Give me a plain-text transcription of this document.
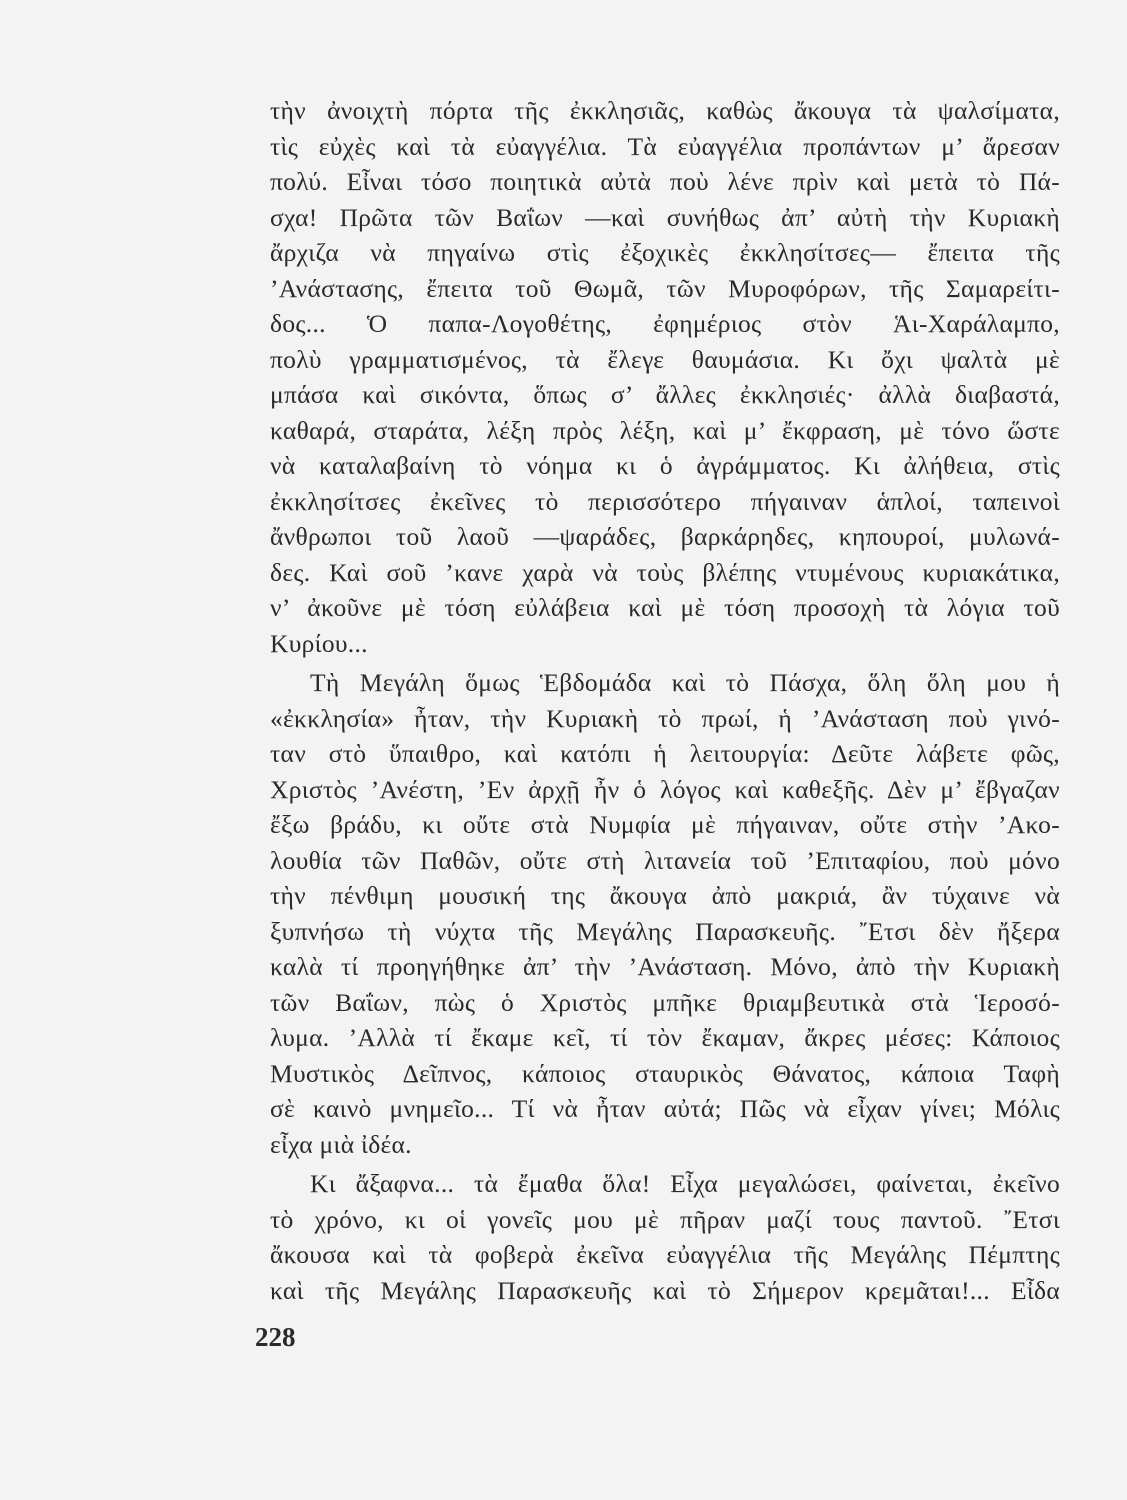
τὴν ἀνοιχτὴ πόρτα τῆς ἐκκλησιᾶς, καθὼς ἄκουγα τὰ ψαλσίματα,
τὶς εὐχὲς καὶ τὰ εὐαγγέλια. Τὰ εὐαγγέλια προπάντων μ’ ἄρεσαν
πολύ. Εἶναι τόσο ποιητικὰ αὐτὰ ποὺ λένε πρὶν καὶ μετὰ τὸ Πά-
σχα! Πρῶτα τῶν Βαΐων —καὶ συνήθως ἀπ’ αὐτὴ τὴν Κυριακὴ
ἄρχιζα νὰ πηγαίνω στὶς ἐξοχικὲς ἐκκλησίτσες— ἔπειτα τῆς
’Ανάστασης, ἔπειτα τοῦ Θωμᾶ, τῶν Μυροφόρων, τῆς Σαμαρείτι-
δος... Ὁ παπα-Λογοθέτης, ἐφημέριος στὸν Ἁι-Χαράλαμπο,
πολὺ γραμματισμένος, τὰ ἔλεγε θαυμάσια. Κι ὄχι ψαλτὰ μὲ
μπάσα καὶ σικόντα, ὅπως σ’ ἄλλες ἐκκλησιές· ἀλλὰ διαβαστά,
καθαρά, σταράτα, λέξη πρὸς λέξη, καὶ μ’ ἔκφραση, μὲ τόνο ὥστε
νὰ καταλαβαίνη τὸ νόημα κι ὁ ἀγράμματος. Κι ἀλήθεια, στὶς
ἐκκλησίτσες ἐκεῖνες τὸ περισσότερο πήγαιναν ἁπλοί, ταπεινοὶ
ἄνθρωποι τοῦ λαοῦ —ψαράδες, βαρκάρηδες, κηπουροί, μυλωνά-
δες. Καὶ σοῦ ’κανε χαρὰ νὰ τοὺς βλέπης ντυμένους κυριακάτικα,
ν’ ἀκοῦνε μὲ τόση εὐλάβεια καὶ μὲ τόση προσοχὴ τὰ λόγια τοῦ
Κυρίου...
Τὴ Μεγάλη ὅμως Ἑβδομάδα καὶ τὸ Πάσχα, ὅλη ὅλη μου ἡ
«ἐκκλησία» ἦταν, τὴν Κυριακὴ τὸ πρωί, ἡ ’Ανάσταση ποὺ γινό-
ταν στὸ ὕπαιθρο, καὶ κατόπι ἡ λειτουργία: Δεῦτε λάβετε φῶς,
Χριστὸς ’Ανέστη, ’Εν ἀρχῇ ἦν ὁ λόγος καὶ καθεξῆς. Δὲν μ’ ἔβγαζαν
ἔξω βράδυ, κι οὔτε στὰ Νυμφία μὲ πήγαιναν, οὔτε στὴν ’Ακο-
λουθία τῶν Παθῶν, οὔτε στὴ λιτανεία τοῦ ’Επιταφίου, ποὺ μόνο
τὴν πένθιμη μουσική της ἄκουγα ἀπὸ μακριά, ἂν τύχαινε νὰ
ξυπνήσω τὴ νύχτα τῆς Μεγάλης Παρασκευῆς. ῎Ετσι δὲν ἤξερα
καλὰ τί προηγήθηκε ἀπ’ τὴν ’Ανάσταση. Μόνο, ἀπὸ τὴν Κυριακὴ
τῶν Βαΐων, πὼς ὁ Χριστὸς μπῆκε θριαμβευτικὰ στὰ Ἱεροσό-
λυμα. ’Αλλὰ τί ἔκαμε κεῖ, τί τὸν ἔκαμαν, ἄκρες μέσες: Κάποιος
Μυστικὸς Δεῖπνος, κάποιος σταυρικὸς Θάνατος, κάποια Ταφὴ
σὲ καινὸ μνημεῖο... Τί νὰ ἦταν αὐτά; Πῶς νὰ εἶχαν γίνει; Μόλις
εἶχα μιὰ ἰδέα.
Κι ἄξαφνα... τὰ ἔμαθα ὅλα! Εἶχα μεγαλώσει, φαίνεται, ἐκεῖνο
τὸ χρόνο, κι οἱ γονεῖς μου μὲ πῆραν μαζί τους παντοῦ. ῎Ετσι
ἄκουσα καὶ τὰ φοβερὰ ἐκεῖνα εὐαγγέλια τῆς Μεγάλης Πέμπτης
καὶ τῆς Μεγάλης Παρασκευῆς καὶ τὸ Σήμερον κρεμᾶται!... Εἶδα
228
